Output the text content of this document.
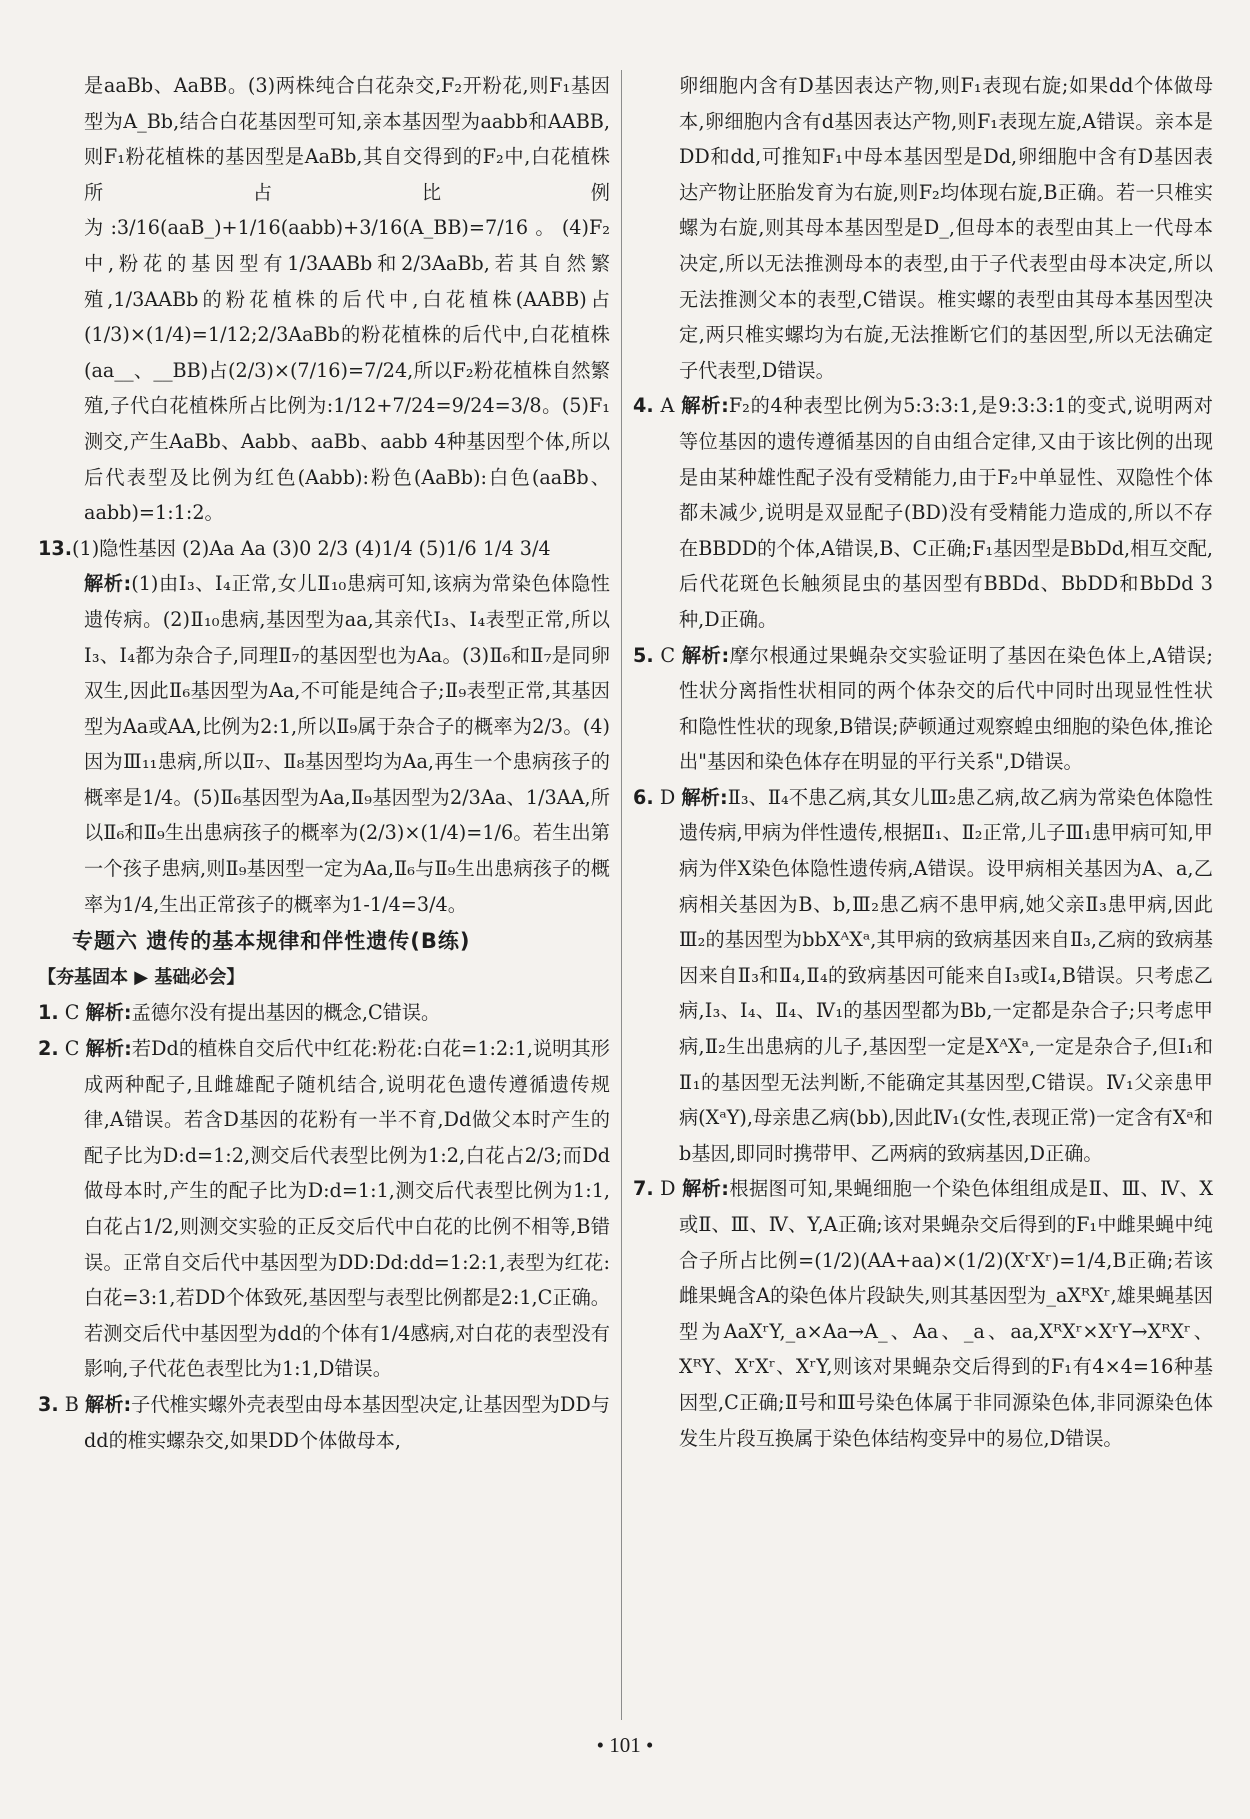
是aaBb、AaBB。(3)两株纯合白花杂交,F₂开粉花,则F₁基因型为A_Bb,结合白花基因型可知,亲本基因型为aabb和AABB,则F₁粉花植株的基因型是AaBb,其自交得到的F₂中,白花植株所占比例为:3/16(aaB_)+1/16(aabb)+3/16(A_BB)=7/16。(4)F₂中,粉花的基因型有1/3AABb和2/3AaBb,若其自然繁殖,1/3AABb的粉花植株的后代中,白花植株(AABB)占(1/3)×(1/4)=1/12;2/3AaBb的粉花植株的后代中,白花植株(aa__、__BB)占(2/3)×(7/16)=7/24,所以F₂粉花植株自然繁殖,子代白花植株所占比例为:1/12+7/24=9/24=3/8。(5)F₁测交,产生AaBb、Aabb、aaBb、aabb 4种基因型个体,所以后代表型及比例为红色(Aabb):粉色(AaBb):白色(aaBb、aabb)=1:1:2。

13.(1)隐性基因 (2)Aa Aa (3)0 2/3 (4)1/4 (5)1/6 1/4 3/4

解析:(1)由Ⅰ₃、Ⅰ₄正常,女儿Ⅱ₁₀患病可知,该病为常染色体隐性遗传病。(2)Ⅱ₁₀患病,基因型为aa,其亲代Ⅰ₃、Ⅰ₄表型正常,所以Ⅰ₃、Ⅰ₄都为杂合子,同理Ⅱ₇的基因型也为Aa。(3)Ⅱ₆和Ⅱ₇是同卵双生,因此Ⅱ₆基因型为Aa,不可能是纯合子;Ⅱ₉表型正常,其基因型为Aa或AA,比例为2:1,所以Ⅱ₉属于杂合子的概率为2/3。(4)因为Ⅲ₁₁患病,所以Ⅱ₇、Ⅱ₈基因型均为Aa,再生一个患病孩子的概率是1/4。(5)Ⅱ₆基因型为Aa,Ⅱ₉基因型为2/3Aa、1/3AA,所以Ⅱ₆和Ⅱ₉生出患病孩子的概率为(2/3)×(1/4)=1/6。若生出第一个孩子患病,则Ⅱ₉基因型一定为Aa,Ⅱ₆与Ⅱ₉生出患病孩子的概率为1/4,生出正常孩子的概率为1-1/4=3/4。

专题六 遗传的基本规律和伴性遗传(B练)

【夯基固本 ▶ 基础必会】

1. C 解析:孟德尔没有提出基因的概念,C错误。

2. C 解析:若Dd的植株自交后代中红花:粉花:白花=1:2:1,说明其形成两种配子,且雌雄配子随机结合,说明花色遗传遵循遗传规律,A错误。若含D基因的花粉有一半不育,Dd做父本时产生的配子比为D:d=1:2,测交后代表型比例为1:2,白花占2/3;而Dd做母本时,产生的配子比为D:d=1:1,测交后代表型比例为1:1,白花占1/2,则测交实验的正反交后代中白花的比例不相等,B错误。正常自交后代中基因型为DD:Dd:dd=1:2:1,表型为红花:白花=3:1,若DD个体致死,基因型与表型比例都是2:1,C正确。若测交后代中基因型为dd的个体有1/4感病,对白花的表型没有影响,子代花色表型比为1:1,D错误。

3. B 解析:子代椎实螺外壳表型由母本基因型决定,让基因型为DD与dd的椎实螺杂交,如果DD个体做母本,

卵细胞内含有D基因表达产物,则F₁表现右旋;如果dd个体做母本,卵细胞内含有d基因表达产物,则F₁表现左旋,A错误。亲本是DD和dd,可推知F₁中母本基因型是Dd,卵细胞中含有D基因表达产物让胚胎发育为右旋,则F₂均体现右旋,B正确。若一只椎实螺为右旋,则其母本基因型是D_,但母本的表型由其上一代母本决定,所以无法推测母本的表型,由于子代表型由母本决定,所以无法推测父本的表型,C错误。椎实螺的表型由其母本基因型决定,两只椎实螺均为右旋,无法推断它们的基因型,所以无法确定子代表型,D错误。

4. A 解析:F₂的4种表型比例为5:3:3:1,是9:3:3:1的变式,说明两对等位基因的遗传遵循基因的自由组合定律,又由于该比例的出现是由某种雄性配子没有受精能力,由于F₂中单显性、双隐性个体都未减少,说明是双显配子(BD)没有受精能力造成的,所以不存在BBDD的个体,A错误,B、C正确;F₁基因型是BbDd,相互交配,后代花斑色长触须昆虫的基因型有BBDd、BbDD和BbDd 3种,D正确。

5. C 解析:摩尔根通过果蝇杂交实验证明了基因在染色体上,A错误;性状分离指性状相同的两个体杂交的后代中同时出现显性性状和隐性性状的现象,B错误;萨顿通过观察蝗虫细胞的染色体,推论出"基因和染色体存在明显的平行关系",D错误。

6. D 解析:Ⅱ₃、Ⅱ₄不患乙病,其女儿Ⅲ₂患乙病,故乙病为常染色体隐性遗传病,甲病为伴性遗传,根据Ⅱ₁、Ⅱ₂正常,儿子Ⅲ₁患甲病可知,甲病为伴X染色体隐性遗传病,A错误。设甲病相关基因为A、a,乙病相关基因为B、b,Ⅲ₂患乙病不患甲病,她父亲Ⅱ₃患甲病,因此Ⅲ₂的基因型为bbXᴬXᵃ,其甲病的致病基因来自Ⅱ₃,乙病的致病基因来自Ⅱ₃和Ⅱ₄,Ⅱ₄的致病基因可能来自Ⅰ₃或Ⅰ₄,B错误。只考虑乙病,Ⅰ₃、Ⅰ₄、Ⅱ₄、Ⅳ₁的基因型都为Bb,一定都是杂合子;只考虑甲病,Ⅱ₂生出患病的儿子,基因型一定是XᴬXᵃ,一定是杂合子,但Ⅰ₁和Ⅱ₁的基因型无法判断,不能确定其基因型,C错误。Ⅳ₁父亲患甲病(XᵃY),母亲患乙病(bb),因此Ⅳ₁(女性,表现正常)一定含有Xᵃ和b基因,即同时携带甲、乙两病的致病基因,D正确。

7. D 解析:根据图可知,果蝇细胞一个染色体组组成是Ⅱ、Ⅲ、Ⅳ、X或Ⅱ、Ⅲ、Ⅳ、Y,A正确;该对果蝇杂交后得到的F₁中雌果蝇中纯合子所占比例=(1/2)(AA+aa)×(1/2)(XʳXʳ)=1/4,B正确;若该雌果蝇含A的染色体片段缺失,则其基因型为_aXᴿXʳ,雄果蝇基因型为AaXʳY,_a×Aa→A_、Aa、_a、aa,XᴿXʳ×XʳY→XᴿXʳ、XᴿY、XʳXʳ、XʳY,则该对果蝇杂交后得到的F₁有4×4=16种基因型,C正确;Ⅱ号和Ⅲ号染色体属于非同源染色体,非同源染色体发生片段互换属于染色体结构变异中的易位,D错误。

• 101 •
